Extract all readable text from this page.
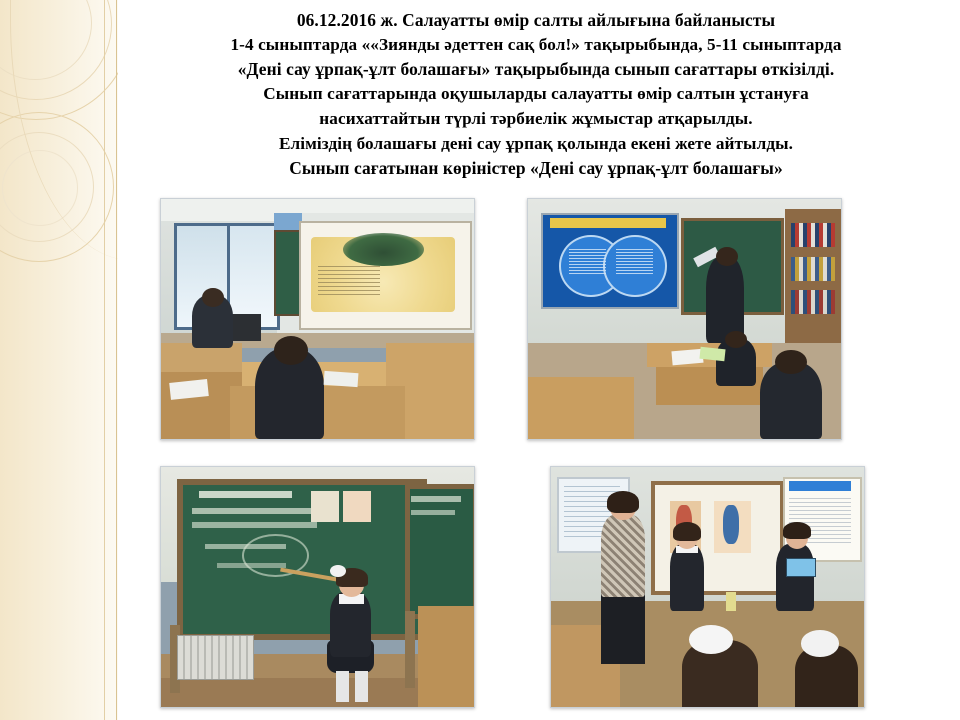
06.12.2016 ж. Салауатты өмір салты айлығына байланысты
1-4 сыныптарда ««Зиянды әдеттен сақ бол!» тақырыбында, 5-11 сыныптарда
«Дені сау ұрпақ-ұлт болашағы» тақырыбында сынып сағаттары өткізілді.
Сынып сағаттарында оқушыларды салауатты өмір салтын ұстануға
насихаттайтын түрлі тәрбиелік жұмыстар атқарылды.
Еліміздің болашағы дені сау ұрпақ қолында екені жете айтылды.
Сынып сағатынан көріністер «Дені сау ұрпақ-ұлт болашағы»
